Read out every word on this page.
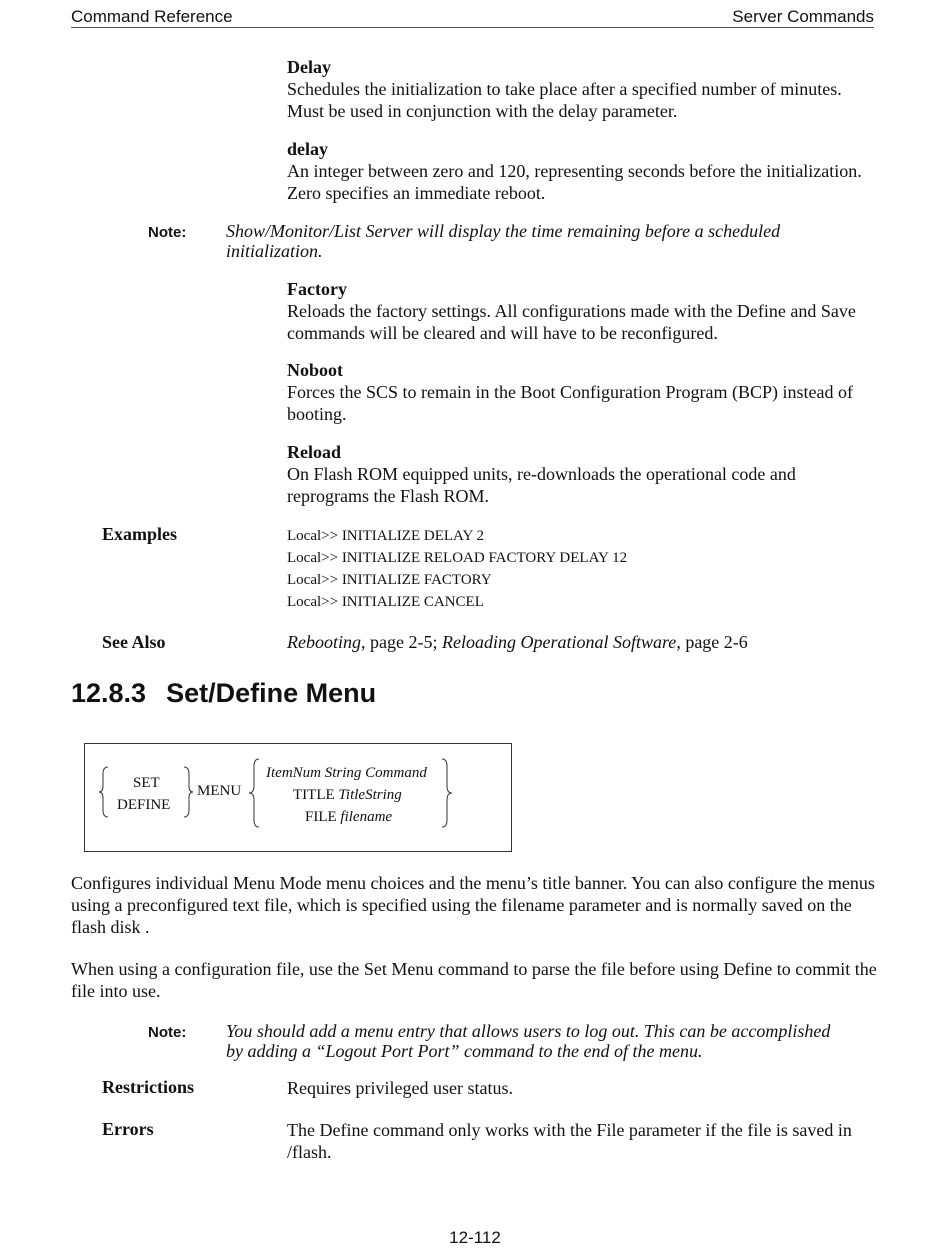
Command Reference	Server Commands
Delay
Schedules the initialization to take place after a specified number of minutes. Must be used in conjunction with the delay parameter.
delay
An integer between zero and 120, representing seconds before the initialization. Zero specifies an immediate reboot.
Note: Show/Monitor/List Server will display the time remaining before a scheduled initialization.
Factory
Reloads the factory settings. All configurations made with the Define and Save commands will be cleared and will have to be reconfigured.
Noboot
Forces the SCS to remain in the Boot Configuration Program (BCP) instead of booting.
Reload
On Flash ROM equipped units, re-downloads the operational code and reprograms the Flash ROM.
Examples	Local>> INITIALIZE DELAY 2
Local>> INITIALIZE RELOAD FACTORY DELAY 12
Local>> INITIALIZE FACTORY
Local>> INITIALIZE CANCEL
See Also	Rebooting, page 2-5; Reloading Operational Software, page 2-6
12.8.3 Set/Define Menu
SET
DEFINE
MENU
ItemNum String Command
TITLE TitleString
FILE filename
Configures individual Menu Mode menu choices and the menu’s title banner. You can also configure the menus using a preconfigured text file, which is specified using the filename parameter and is normally saved on the flash disk .
When using a configuration file, use the Set Menu command to parse the file before using Define to commit the file into use.
Note: You should add a menu entry that allows users to log out. This can be accomplished by adding a “Logout Port Port” command to the end of the menu.
Restrictions	Requires privileged user status.
Errors	The Define command only works with the File parameter if the file is saved in /flash.
12-112
